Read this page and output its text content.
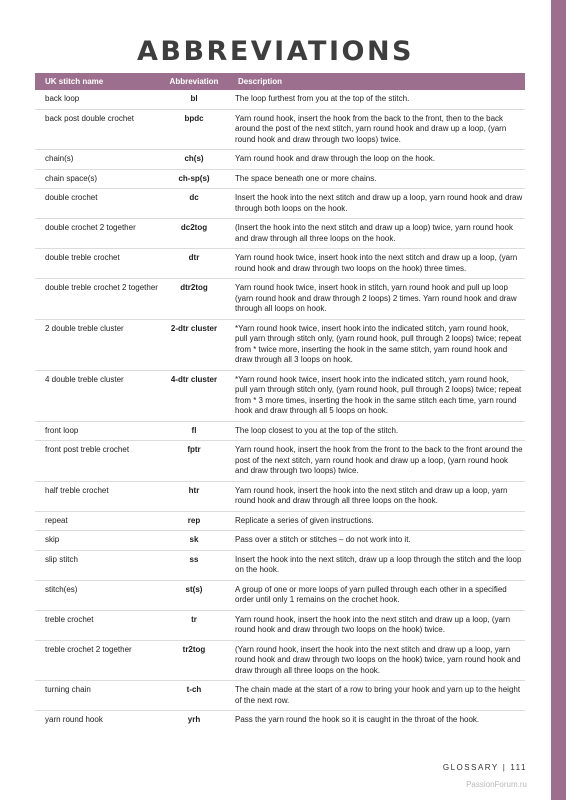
ABBREVIATIONS
UK stitch name	Abbreviation	Description
back loop	bl	The loop furthest from you at the top of the stitch.
back post double crochet	bpdc	Yarn round hook, insert the hook from the back to the front, then to the back around the post of the next stitch, yarn round hook and draw up a loop, (yarn round hook and draw through two loops) twice.
chain(s)	ch(s)	Yarn round hook and draw through the loop on the hook.
chain space(s)	ch-sp(s)	The space beneath one or more chains.
double crochet	dc	Insert the hook into the next stitch and draw up a loop, yarn round hook and draw through both loops on the hook.
double crochet 2 together	dc2tog	(Insert the hook into the next stitch and draw up a loop) twice, yarn round hook and draw through all three loops on the hook.
double treble crochet	dtr	Yarn round hook twice, insert hook into the next stitch and draw up a loop, (yarn round hook and draw through two loops on the hook) three times.
double treble crochet 2 together	dtr2tog	Yarn round hook twice, insert hook in stitch, yarn round hook and pull up loop (yarn round hook and draw through 2 loops) 2 times. Yarn round hook and draw through all loops on hook.
2 double treble cluster	2-dtr cluster	*Yarn round hook twice, insert hook into the indicated stitch, yarn round hook, pull yarn through stitch only, (yarn round hook, pull through 2 loops) twice; repeat from * twice more, inserting the hook in the same stitch, yarn round hook and draw through all 3 loops on hook.
4 double treble cluster	4-dtr cluster	*Yarn round hook twice, insert hook into the indicated stitch, yarn round hook, pull yarn through stitch only, (yarn round hook, pull through 2 loops) twice; repeat from * 3 more times, inserting the hook in the same stitch each time, yarn round hook and draw through all 5 loops on hook.
front loop	fl	The loop closest to you at the top of the stitch.
front post treble crochet	fptr	Yarn round hook, insert the hook from the front to the back to the front around the post of the next stitch, yarn round hook and draw up a loop, (yarn round hook and draw through two loops) twice.
half treble crochet	htr	Yarn round hook, insert the hook into the next stitch and draw up a loop, yarn round hook and draw through all three loops on the hook.
repeat	rep	Replicate a series of given instructions.
skip	sk	Pass over a stitch or stitches – do not work into it.
slip stitch	ss	Insert the hook into the next stitch, draw up a loop through the stitch and the loop on the hook.
stitch(es)	st(s)	A group of one or more loops of yarn pulled through each other in a specified order until only 1 remains on the crochet hook.
treble crochet	tr	Yarn round hook, insert the hook into the next stitch and draw up a loop, (yarn round hook and draw through two loops on the hook) twice.
treble crochet 2 together	tr2tog	(Yarn round hook, insert the hook into the next stitch and draw up a loop, yarn round hook and draw through two loops on the hook) twice, yarn round hook and draw through all three loops on the hook.
turning chain	t-ch	The chain made at the start of a row to bring your hook and yarn up to the height of the next row.
yarn round hook	yrh	Pass the yarn round the hook so it is caught in the throat of the hook.
GLOSSARY | 111
PassionForum.ru
